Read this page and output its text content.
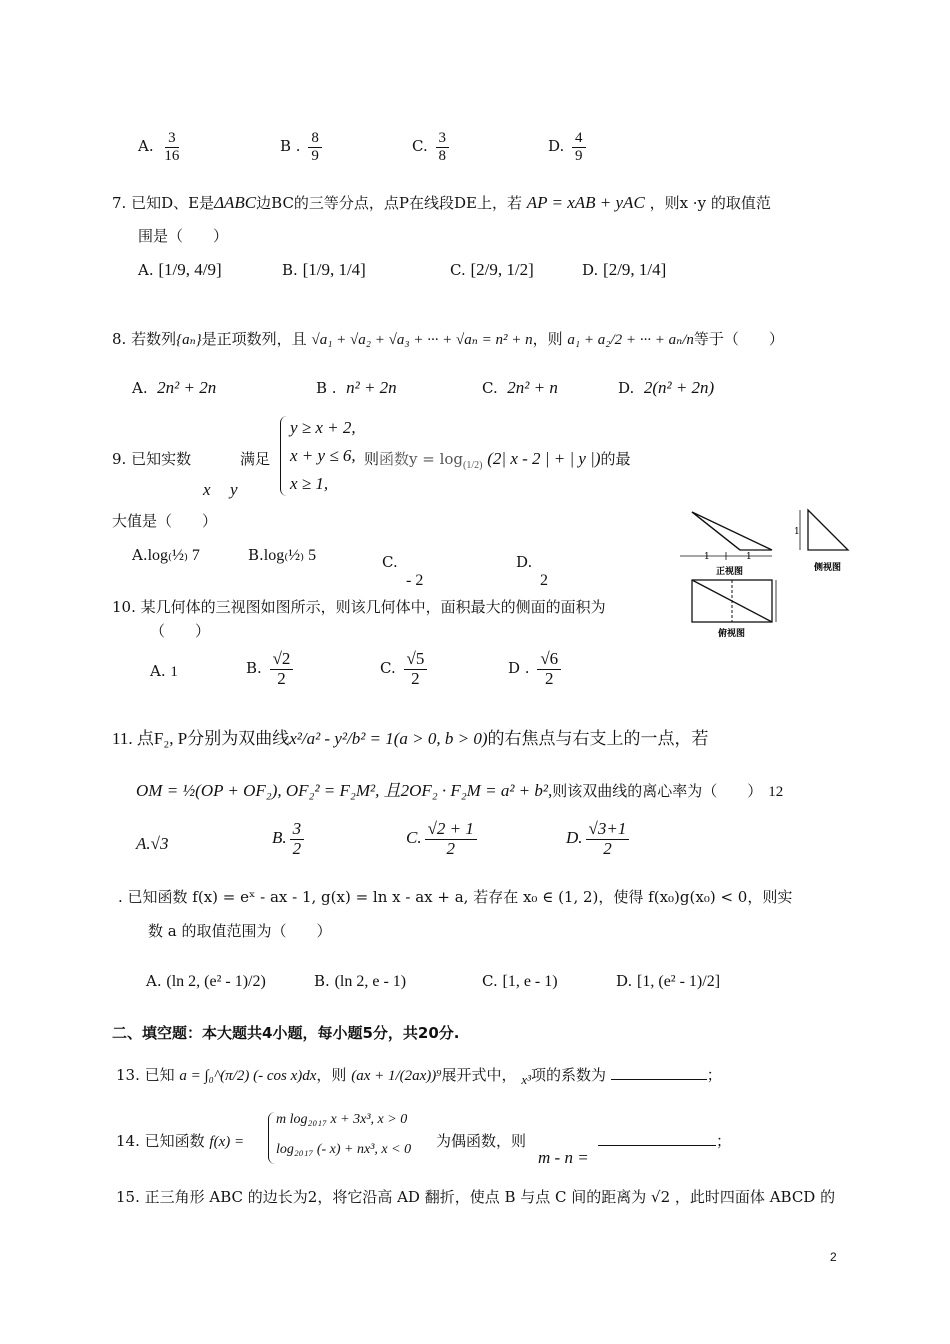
A. $\frac{3}{16}$	B . $\frac{8}{9}$	C. $\frac{3}{8}$	D. $\frac{4}{9}$
7. 已知D、E是ΔABC边BC的三等分点，点P在线段DE上，若 AP = xAB + yAC ，则x ·y 的取值范
围是（　　）
A. [1/9, 4/9]	B. [1/9, 1/4]	C. [2/9, 1/2]	D. [2/9, 1/4]
8. 若数列{aₙ}是正项数列，且 √a₁ + √a₂ + √a₃ + ··· + √aₙ = n² + n，则 a₁ + a₂/2 + ··· + aₙ/n等于（　　）
A. 2n² + 2n	B . n² + 2n	C. 2n² + n	D. 2(n² + 2n)
9. 已知实数
x y
满足
y ≥ x + 2,
x + y ≤ 6,
x ≥ 1,
则函数$y = \log_{(1/2)} (2|$ x - 2 | + | y |)的最
大值是（　　）
A.log₍½₎ 7	B.log₍½₎ 5	C.
- 2
D.
2
1	1
正视图
1
侧视图
俯视图
10. 某几何体的三视图如图所示，则该几何体中，面积最大的侧面的面积为
（　　）
A. 1	B. $\frac{√2}{2}$	C. $\frac{√5}{2}$	D . $\frac{√6}{2}$
11. 点F₂, P分别为双曲线x²/a² - y²/b² = 1(a > 0, b > 0)的右焦点与右支上的一点，若
OM = ½(OP + OF₂), OF₂² = F₂M², 且2OF₂ · F₂M = a² + b²,则该双曲线的离心率为（　　） 12
A.√3	B. $\frac{3}{2}$	C. $\frac{√2 + 1}{2}$	D. $\frac{√3+1}{2}$
. 已知函数 f(x) = eˣ - ax - 1, g(x) = ln x - ax + a, 若存在 x₀ ∈ (1, 2)，使得 f(x₀)g(x₀) < 0，则实
数 a 的取值范围为（　　）
A. (ln 2, (e² - 1)/2)	B. (ln 2, e - 1)	C. [1, e - 1)	D. [1, (e² - 1)/2]
二、填空题：本大题共4小题，每小题5分，共20分.
13. 已知 a = ∫₀^(π/2) (- cos x)dx，则 (ax + 1/(2ax))⁹展开式中， $_{x^3}$项的系数为	；
14. 已知函数 f(x) =
m log₂₀₁₇ x + 3x³, x > 0
log₂₀₁₇ (- x) + nx³, x < 0 为偶函数，则
m - n =
；
15. 正三角形 ABC 的边长为2，将它沿高 AD 翻折，使点 B 与点 C 间的距离为 √2 ，此时四面体 ABCD 的
2
